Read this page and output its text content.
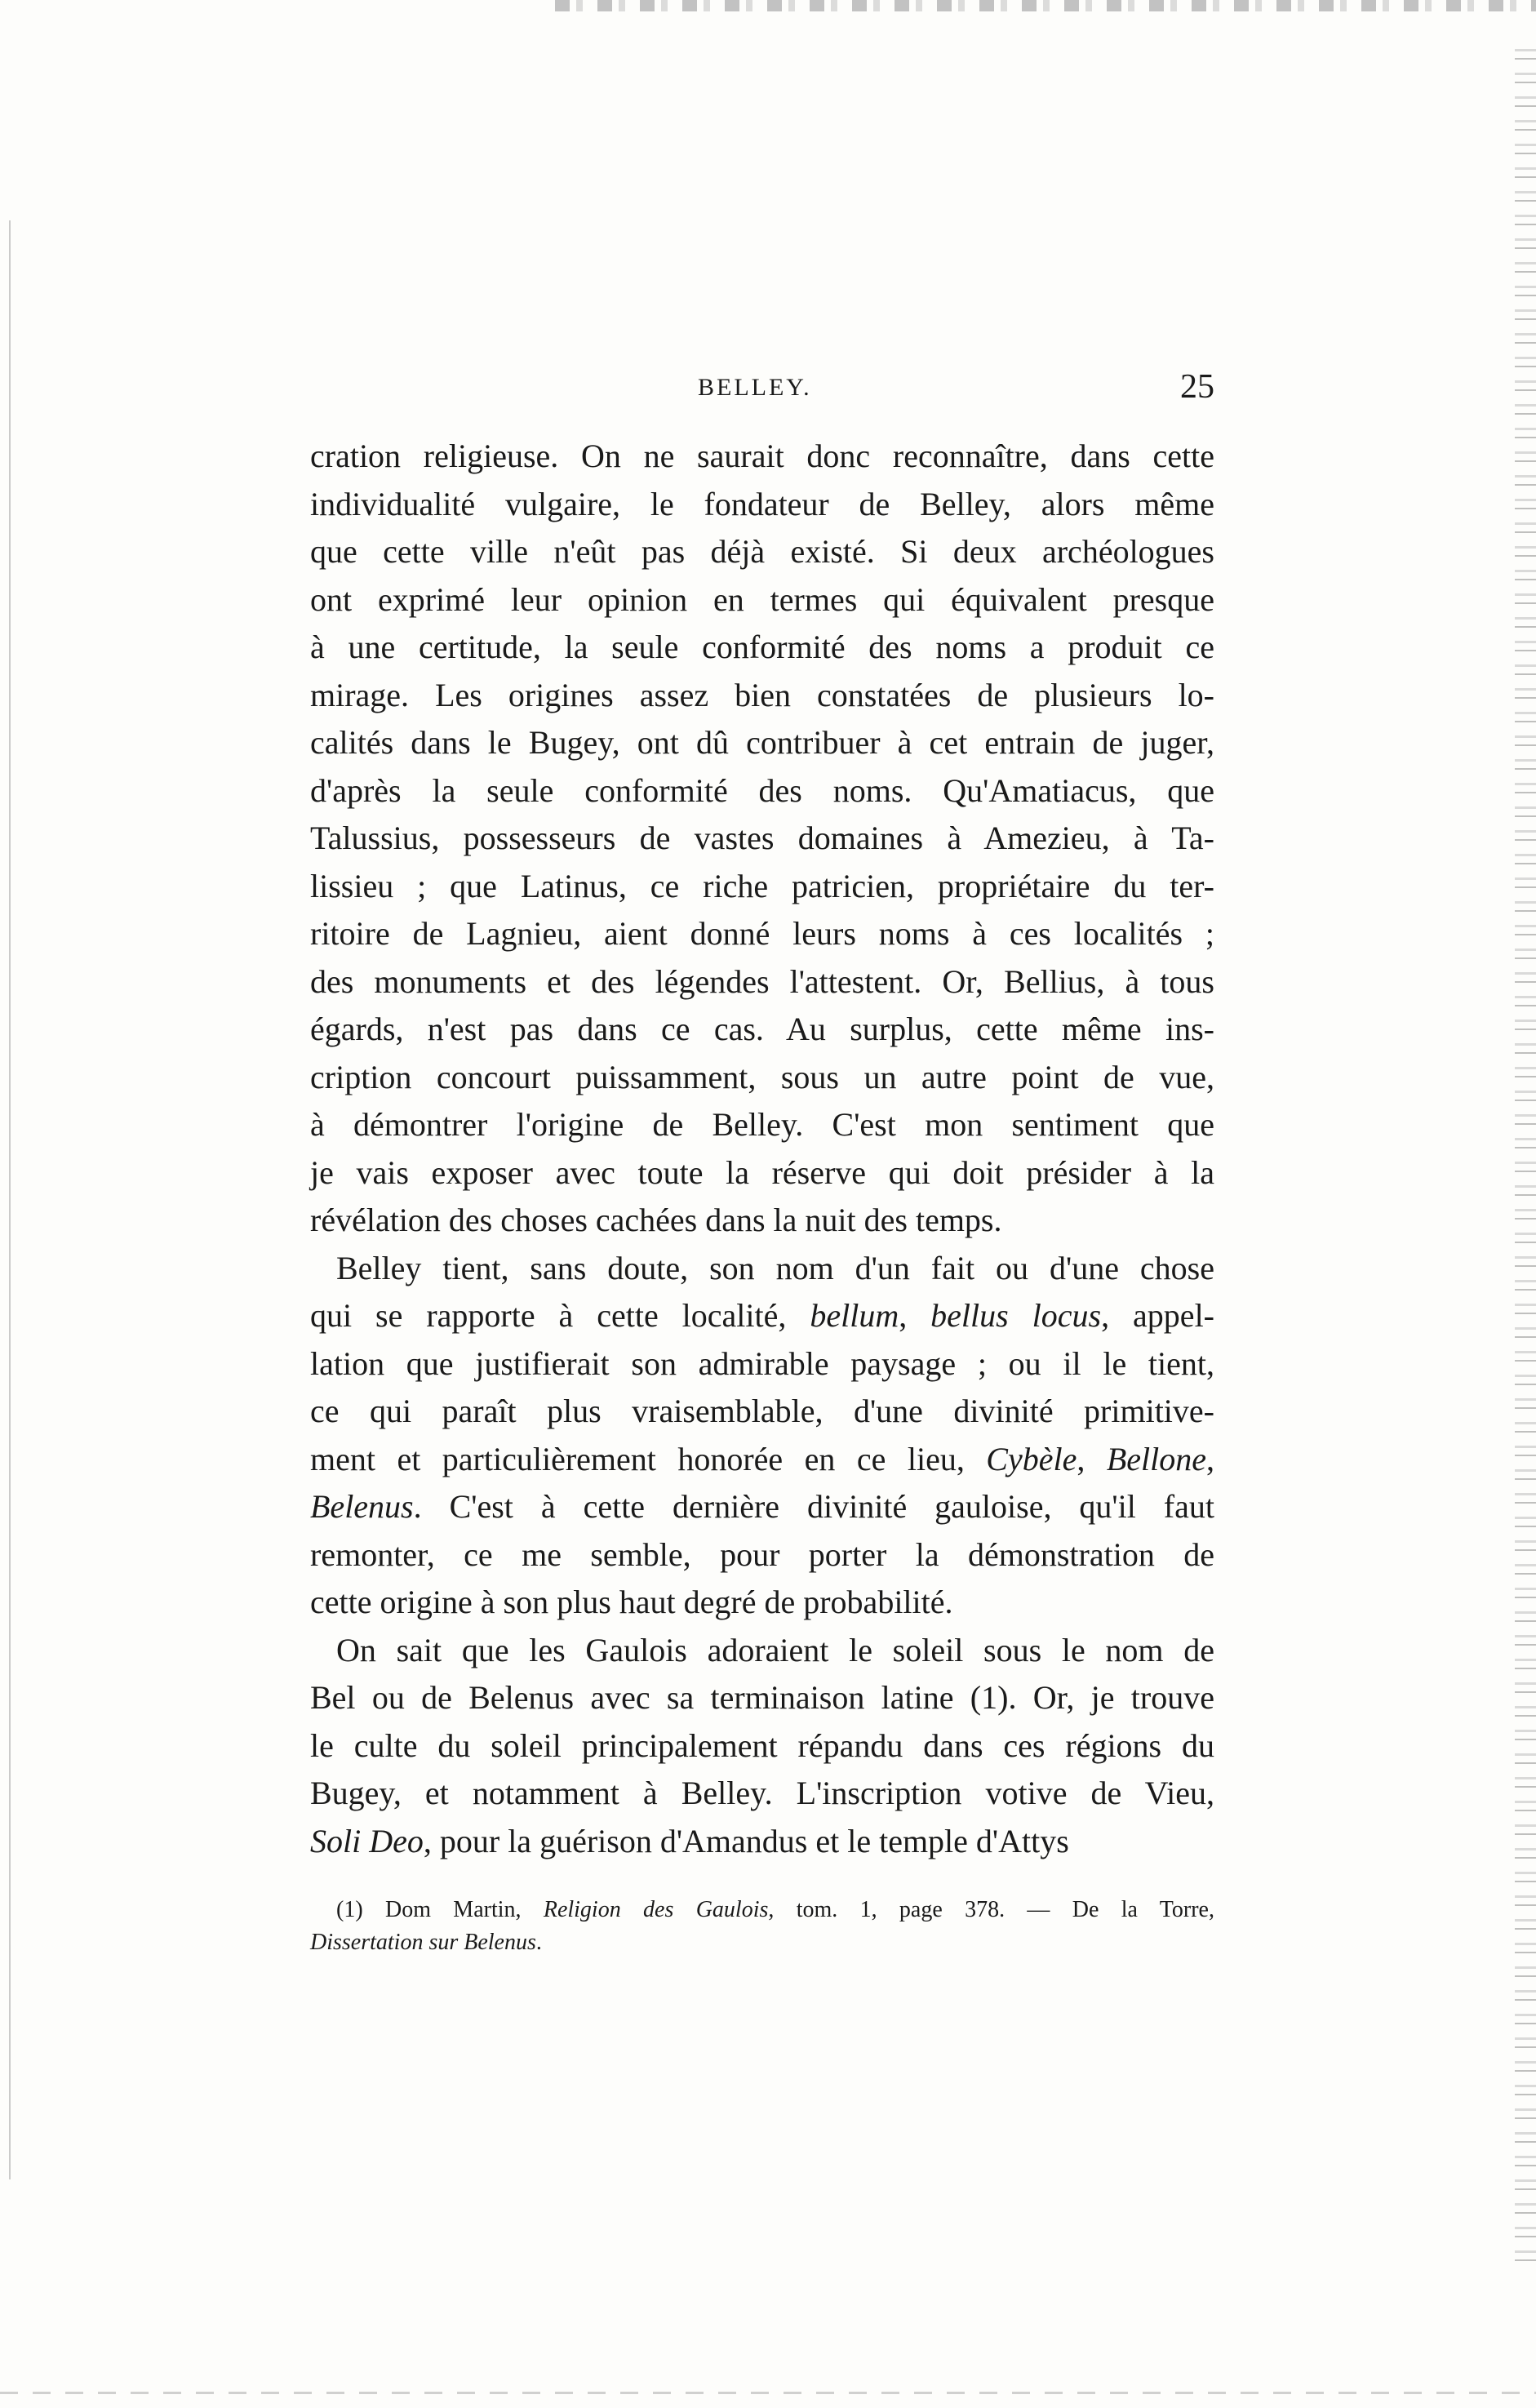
BELLEY.	25
cration religieuse. On ne saurait donc reconnaître, dans cette
individualité vulgaire, le fondateur de Belley, alors même
que cette ville n'eût pas déjà existé. Si deux archéologues
ont exprimé leur opinion en termes qui équivalent presque
à une certitude, la seule conformité des noms a produit ce
mirage. Les origines assez bien constatées de plusieurs lo-
calités dans le Bugey, ont dû contribuer à cet entrain de juger,
d'après la seule conformité des noms. Qu'Amatiacus, que
Talussius, possesseurs de vastes domaines à Amezieu, à Ta-
lissieu ; que Latinus, ce riche patricien, propriétaire du ter-
ritoire de Lagnieu, aient donné leurs noms à ces localités ;
des monuments et des légendes l'attestent. Or, Bellius, à tous
égards, n'est pas dans ce cas. Au surplus, cette même ins-
cription concourt puissamment, sous un autre point de vue,
à démontrer l'origine de Belley. C'est mon sentiment que
je vais exposer avec toute la réserve qui doit présider à la
révélation des choses cachées dans la nuit des temps.
Belley tient, sans doute, son nom d'un fait ou d'une chose
qui se rapporte à cette localité, bellum, bellus locus, appel-
lation que justifierait son admirable paysage ; ou il le tient,
ce qui paraît plus vraisemblable, d'une divinité primitive-
ment et particulièrement honorée en ce lieu, Cybèle, Bellone,
Belenus. C'est à cette dernière divinité gauloise, qu'il faut
remonter, ce me semble, pour porter la démonstration de
cette origine à son plus haut degré de probabilité.
On sait que les Gaulois adoraient le soleil sous le nom de
Bel ou de Belenus avec sa terminaison latine (1). Or, je trouve
le culte du soleil principalement répandu dans ces régions du
Bugey, et notamment à Belley. L'inscription votive de Vieu,
Soli Deo, pour la guérison d'Amandus et le temple d'Attys
(1) Dom Martin, Religion des Gaulois, tom. 1, page 378. — De la Torre,
Dissertation sur Belenus.
